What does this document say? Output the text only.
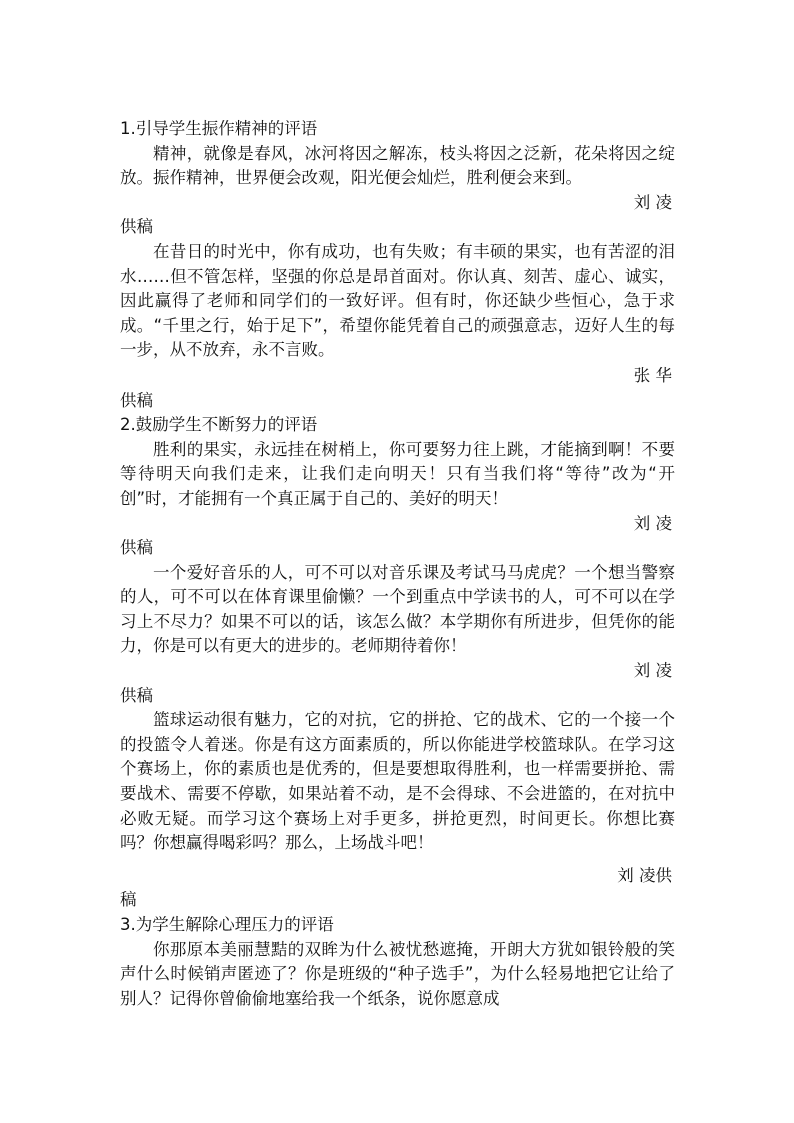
1.引导学生振作精神的评语

精神，就像是春风，冰河将因之解冻，枝头将因之泛新，花朵将因之绽放。振作精神，世界便会改观，阳光便会灿烂，胜利便会来到。

刘 凌

供稿

在昔日的时光中，你有成功，也有失败；有丰硕的果实，也有苦涩的泪水……但不管怎样，坚强的你总是昂首面对。你认真、刻苦、虚心、诚实，因此赢得了老师和同学们的一致好评。但有时，你还缺少些恒心，急于求成。“千里之行，始于足下”，希望你能凭着自己的顽强意志，迈好人生的每一步，从不放弃，永不言败。

张 华

供稿

2.鼓励学生不断努力的评语

胜利的果实，永远挂在树梢上，你可要努力往上跳，才能摘到啊！不要等待明天向我们走来，让我们走向明天！只有当我们将“等待”改为“开创”时，才能拥有一个真正属于自己的、美好的明天！

刘 凌

供稿

一个爱好音乐的人，可不可以对音乐课及考试马马虎虎？一个想当警察的人，可不可以在体育课里偷懒？一个到重点中学读书的人，可不可以在学习上不尽力？如果不可以的话，该怎么做？本学期你有所进步，但凭你的能力，你是可以有更大的进步的。老师期待着你！

刘 凌

供稿

篮球运动很有魅力，它的对抗，它的拼抢、它的战术、它的一个接一个的投篮令人着迷。你是有这方面素质的，所以你能进学校篮球队。在学习这个赛场上，你的素质也是优秀的，但是要想取得胜利，也一样需要拼抢、需要战术、需要不停歇，如果站着不动，是不会得球、不会进篮的，在对抗中必败无疑。而学习这个赛场上对手更多，拼抢更烈，时间更长。你想比赛吗？你想赢得喝彩吗？那么，上场战斗吧！

刘 凌供

稿

3.为学生解除心理压力的评语

你那原本美丽慧黠的双眸为什么被忧愁遮掩，开朗大方犹如银铃般的笑声什么时候销声匿迹了？你是班级的“种子选手”，为什么轻易地把它让给了别人？记得你曾偷偷地塞给我一个纸条，说你愿意成
